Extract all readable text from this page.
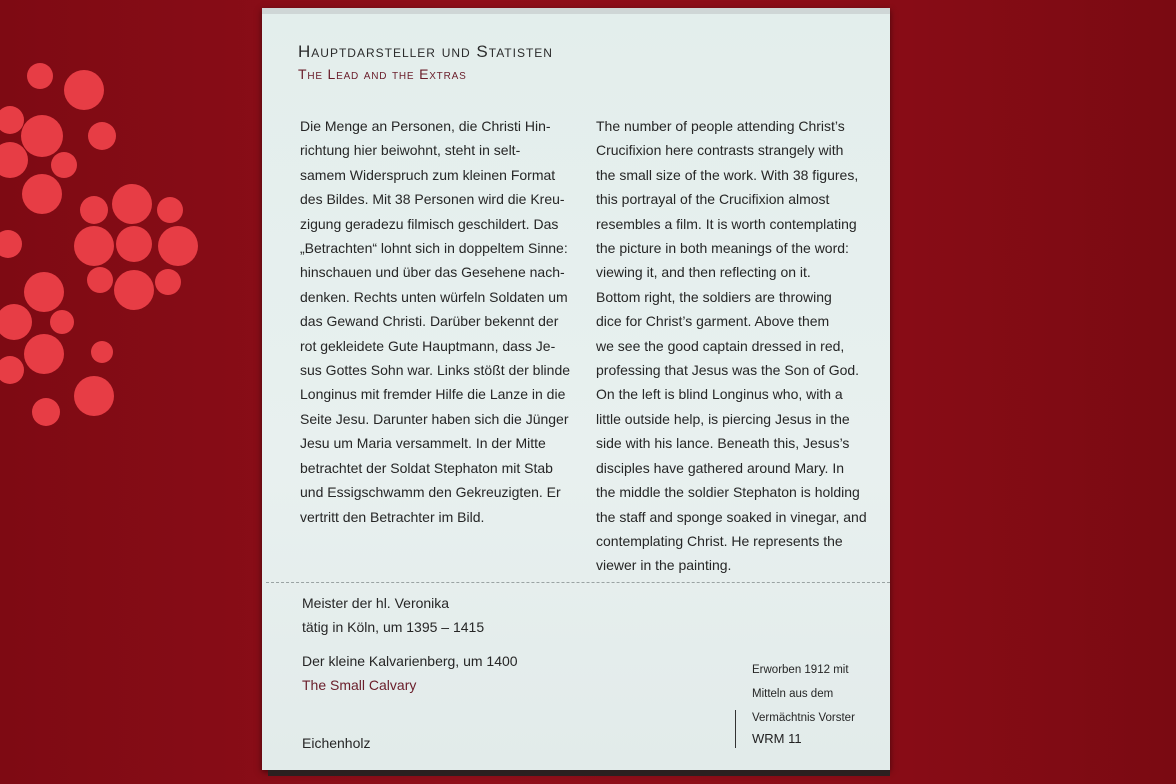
Hauptdarsteller und Statisten
The Lead and the Extras
Die Menge an Personen, die Christi Hin-
richtung hier beiwohnt, steht in selt-
samem Widerspruch zum kleinen Format
des Bildes. Mit 38 Personen wird die Kreu-
zigung geradezu filmisch geschildert. Das
„Betrachten“ lohnt sich in doppeltem Sinne:
hinschauen und über das Gesehene nach-
denken. Rechts unten würfeln Soldaten um
das Gewand Christi. Darüber bekennt der
rot gekleidete Gute Hauptmann, dass Je-
sus Gottes Sohn war. Links stößt der blinde
Longinus mit fremder Hilfe die Lanze in die
Seite Jesu. Darunter haben sich die Jünger
Jesu um Maria versammelt. In der Mitte
betrachtet der Soldat Stephaton mit Stab
und Essigschwamm den Gekreuzigten. Er
vertritt den Betrachter im Bild.
The number of people attending Christ’s
Crucifixion here contrasts strangely with
the small size of the work. With 38 figures,
this portrayal of the Crucifixion almost
resembles a film. It is worth contemplating
the picture in both meanings of the word:
viewing it, and then reflecting on it.
Bottom right, the soldiers are throwing
dice for Christ’s garment. Above them
we see the good captain dressed in red,
professing that Jesus was the Son of God.
On the left is blind Longinus who, with a
little outside help, is piercing Jesus in the
side with his lance. Beneath this, Jesus’s
disciples have gathered around Mary. In
the middle the soldier Stephaton is holding
the staff and sponge soaked in vinegar, and
contemplating Christ. He represents the
viewer in the painting.
Meister der hl. Veronika
tätig in Köln, um 1395 – 1415
Der kleine Kalvarienberg, um 1400
The Small Calvary
Eichenholz
Erworben 1912 mit
Mitteln aus dem
Vermächtnis Vorster
WRM 11
